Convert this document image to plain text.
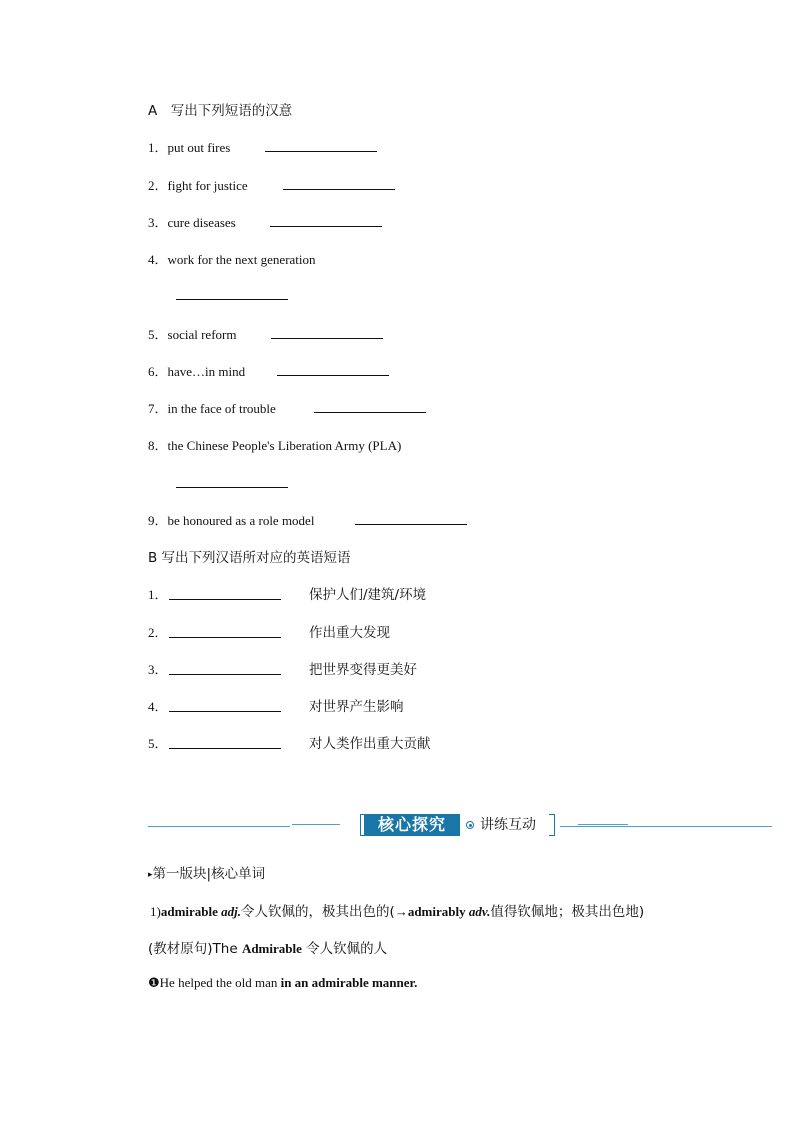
A　写出下列短语的汉意
1．put out fires
2．fight for justice
3．cure diseases
4．work for the next generation
5．social reform
6．have…in mind
7．in the face of trouble
8．the Chinese People's Liberation Army (PLA)
9．be honoured as a role model
B 写出下列汉语所对应的英语短语
1．	保护人们/建筑/环境
2．	作出重大发现
3．	把世界变得更美好
4．	对世界产生影响
5．	对人类作出重大贡献
核心探究	讲练互动
▸第一版块|核心单词
1)admirable adj.令人钦佩的，极其出色的(→admirably adv.值得钦佩地；极其出色地)
(教材原句)The Admirable 令人钦佩的人
❶He helped the old man in an admirable manner.
